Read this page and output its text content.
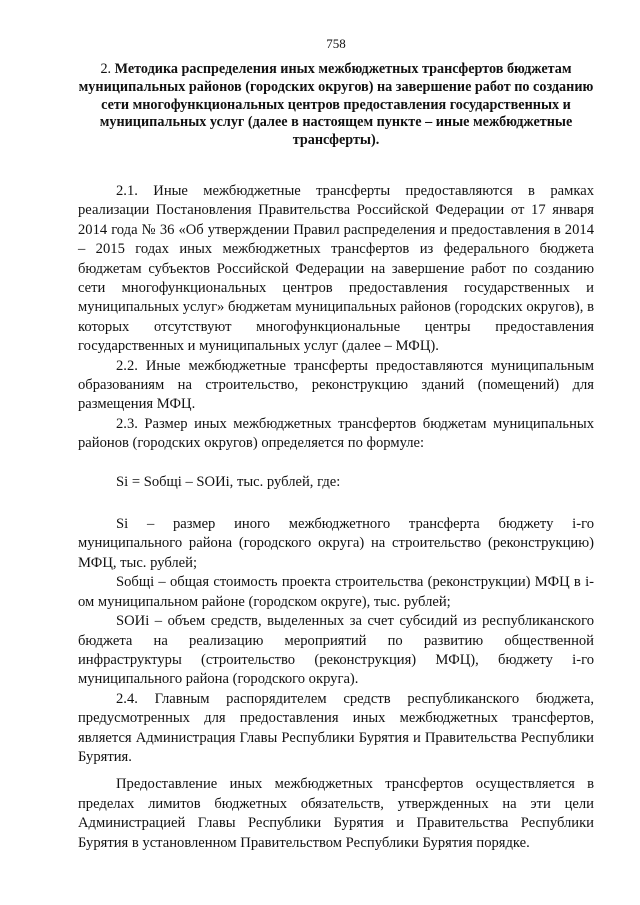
758
2. Методика распределения иных межбюджетных трансфертов бюджетам муниципальных районов (городских округов) на завершение работ по созданию сети многофункциональных центров предоставления государственных и муниципальных услуг (далее в настоящем пункте – иные межбюджетные трансферты).

2.1. Иные межбюджетные трансферты предоставляются в рамках реализации Постановления Правительства Российской Федерации от 17 января 2014 года № 36 «Об утверждении Правил распределения и предоставления в 2014 – 2015 годах иных межбюджетных трансфертов из федерального бюджета бюджетам субъектов Российской Федерации на завершение работ по созданию сети многофункциональных центров предоставления государственных и муниципальных услуг» бюджетам муниципальных районов (городских округов), в которых отсутствуют многофункциональные центры предоставления государственных и муниципальных услуг (далее – МФЦ).

2.2. Иные межбюджетные трансферты предоставляются муниципальным образованиям на строительство, реконструкцию зданий (помещений) для размещения МФЦ.

2.3. Размер иных межбюджетных трансфертов бюджетам муниципальных районов (городских округов) определяется по формуле:

Si = Sобщi – SОИi, тыс. рублей, где:

Si – размер иного межбюджетного трансферта бюджету i-го муниципального района (городского округа) на строительство (реконструкцию) МФЦ, тыс. рублей;

Sобщi – общая стоимость проекта строительства (реконструкции) МФЦ в i-ом муниципальном районе (городском округе), тыс. рублей;

SОИi – объем средств, выделенных за счет субсидий из республиканского бюджета на реализацию мероприятий по развитию общественной инфраструктуры (строительство (реконструкция) МФЦ), бюджету i-го муниципального района (городского округа).

2.4. Главным распорядителем средств республиканского бюджета, предусмотренных для предоставления иных межбюджетных трансфертов, является Администрация Главы Республики Бурятия и Правительства Республики Бурятия.

Предоставление иных межбюджетных трансфертов осуществляется в пределах лимитов бюджетных обязательств, утвержденных на эти цели Администрацией Главы Республики Бурятия и Правительства Республики Бурятия в установленном Правительством Республики Бурятия порядке.
